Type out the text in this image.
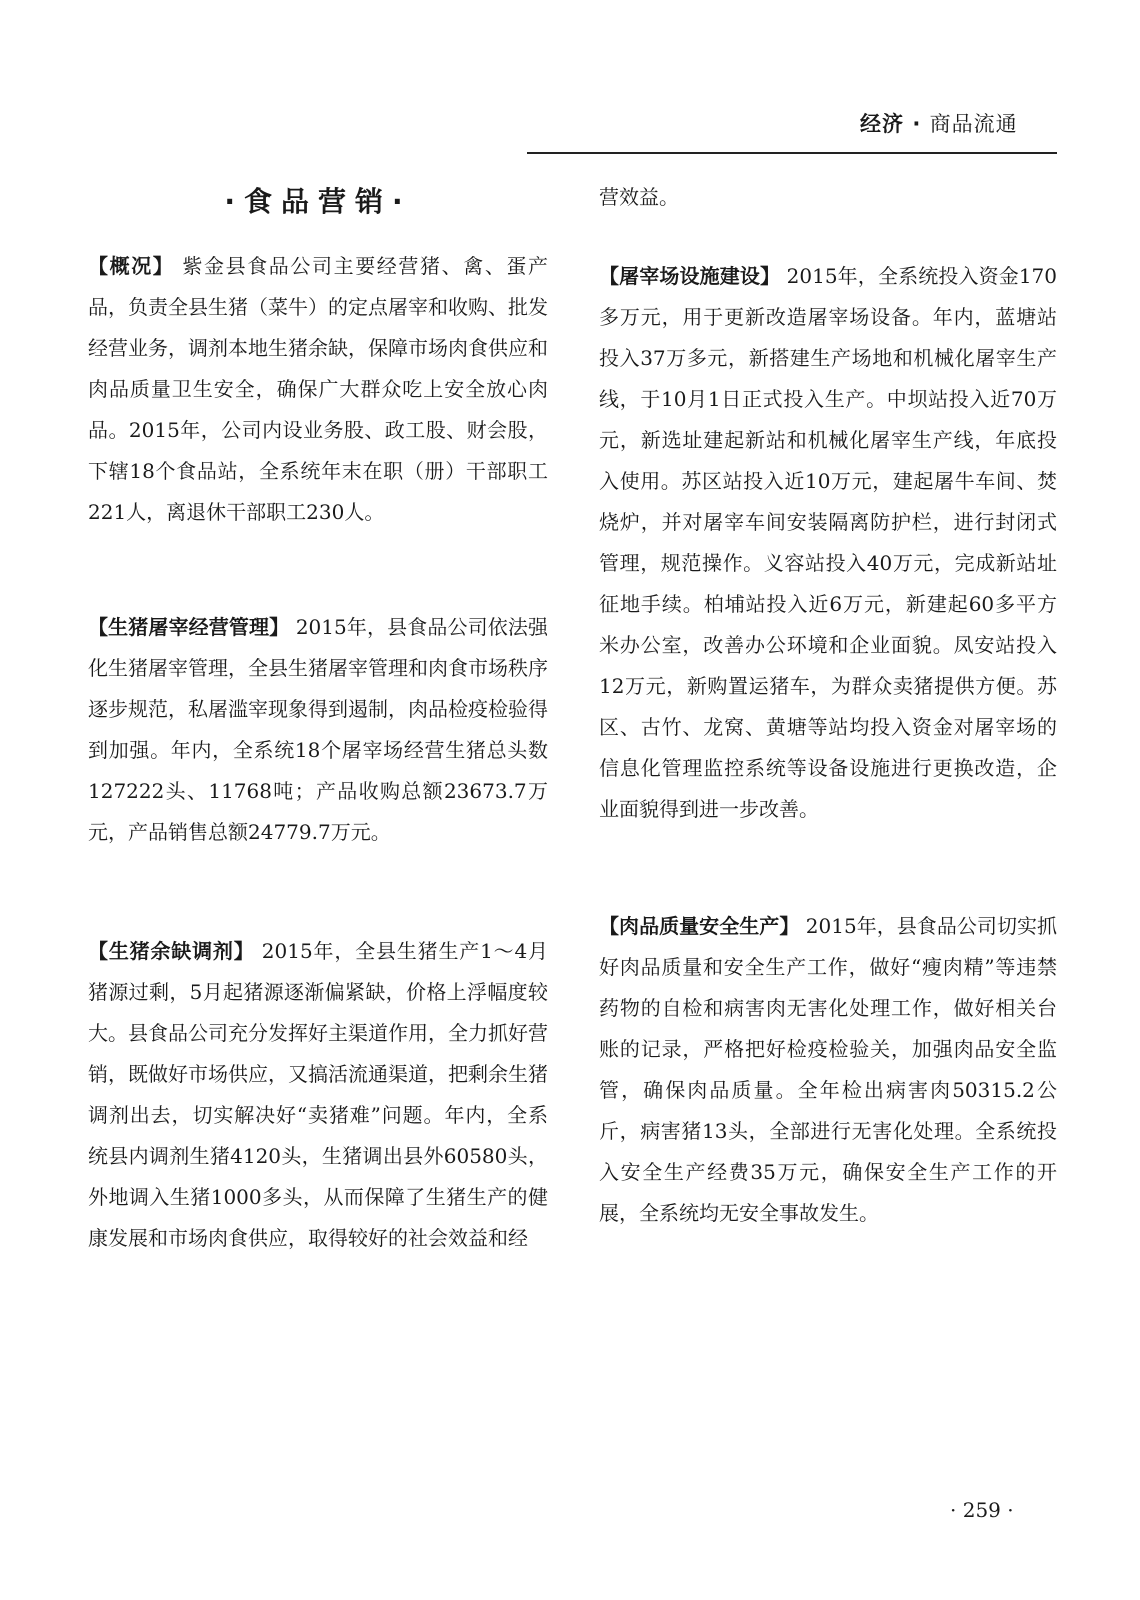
经济 · 商品流通
·食品营销·

【概况】 紫金县食品公司主要经营猪、禽、蛋产品，负责全县生猪（菜牛）的定点屠宰和收购、批发经营业务，调剂本地生猪余缺，保障市场肉食供应和肉品质量卫生安全，确保广大群众吃上安全放心肉品。2015年，公司内设业务股、政工股、财会股，下辖18个食品站，全系统年末在职（册）干部职工221人，离退休干部职工230人。

【生猪屠宰经营管理】 2015年，县食品公司依法强化生猪屠宰管理，全县生猪屠宰管理和肉食市场秩序逐步规范，私屠滥宰现象得到遏制，肉品检疫检验得到加强。年内，全系统18个屠宰场经营生猪总头数127222头、11768吨；产品收购总额23673.7万元，产品销售总额24779.7万元。

【生猪余缺调剂】 2015年，全县生猪生产1～4月猪源过剩，5月起猪源逐渐偏紧缺，价格上浮幅度较大。县食品公司充分发挥好主渠道作用，全力抓好营销，既做好市场供应，又搞活流通渠道，把剩余生猪调剂出去，切实解决好“卖猪难”问题。年内，全系统县内调剂生猪4120头，生猪调出县外60580头，外地调入生猪1000多头，从而保障了生猪生产的健康发展和市场肉食供应，取得较好的社会效益和经

营效益。

【屠宰场设施建设】 2015年，全系统投入资金170多万元，用于更新改造屠宰场设备。年内，蓝塘站投入37万多元，新搭建生产场地和机械化屠宰生产线，于10月1日正式投入生产。中坝站投入近70万元，新选址建起新站和机械化屠宰生产线，年底投入使用。苏区站投入近10万元，建起屠牛车间、焚烧炉，并对屠宰车间安装隔离防护栏，进行封闭式管理，规范操作。义容站投入40万元，完成新站址征地手续。柏埔站投入近6万元，新建起60多平方米办公室，改善办公环境和企业面貌。凤安站投入12万元，新购置运猪车，为群众卖猪提供方便。苏区、古竹、龙窝、黄塘等站均投入资金对屠宰场的信息化管理监控系统等设备设施进行更换改造，企业面貌得到进一步改善。

【肉品质量安全生产】 2015年，县食品公司切实抓好肉品质量和安全生产工作，做好“瘦肉精”等违禁药物的自检和病害肉无害化处理工作，做好相关台账的记录，严格把好检疫检验关，加强肉品安全监管，确保肉品质量。全年检出病害肉50315.2公斤，病害猪13头，全部进行无害化处理。全系统投入安全生产经费35万元，确保安全生产工作的开展，全系统均无安全事故发生。

· 259 ·
